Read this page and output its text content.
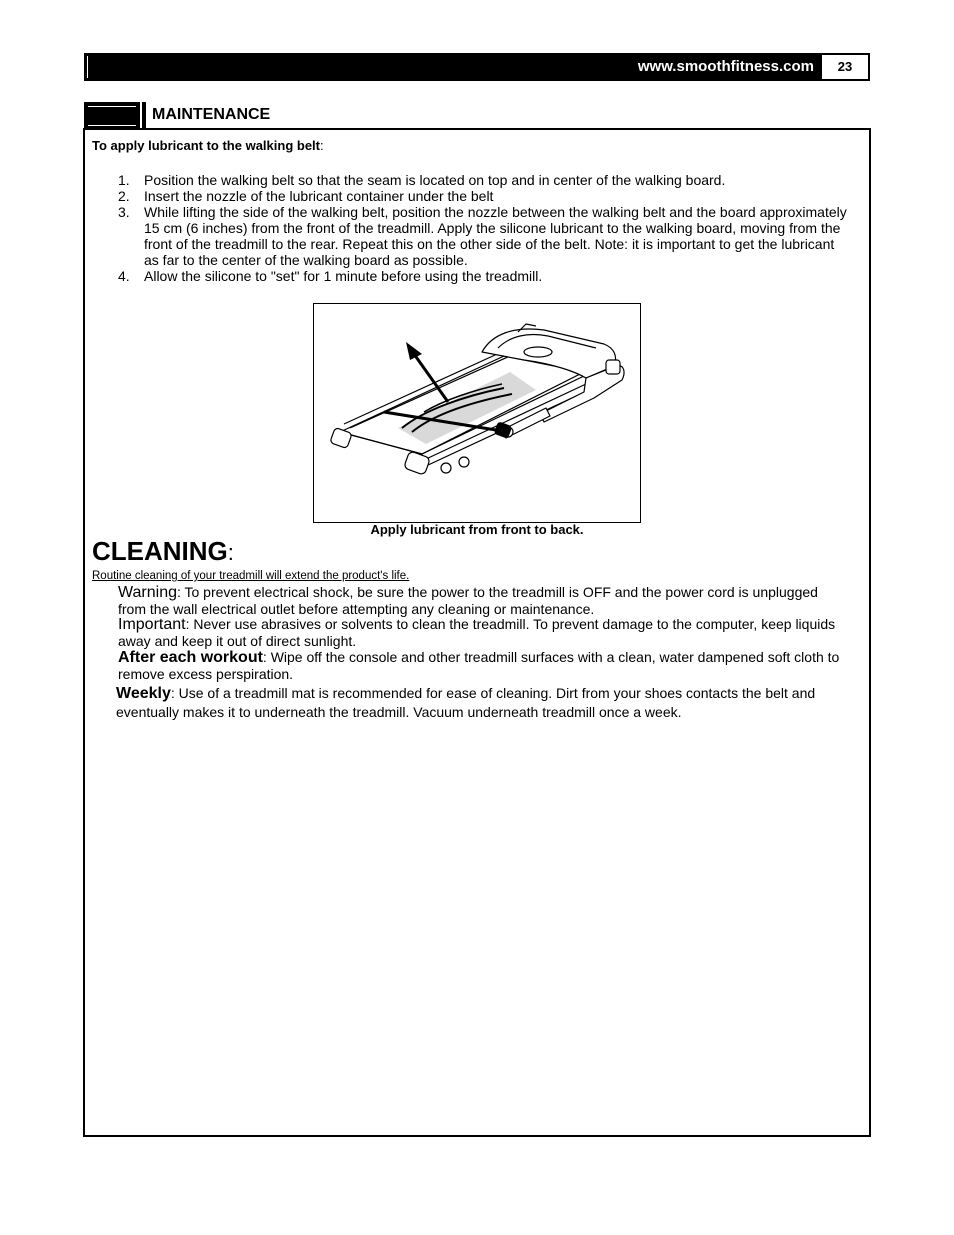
www.smoothfitness.com	23
MAINTENANCE
To apply lubricant to the walking belt:
1. Position the walking belt so that the seam is located on top and in center of the walking board.
2. Insert the nozzle of the lubricant container under the belt
3. While lifting the side of the walking belt, position the nozzle between the walking belt and the board approximately 15 cm (6 inches) from the front of the treadmill. Apply the silicone lubricant to the walking board, moving from the front of the treadmill to the rear. Repeat this on the other side of the belt. Note: it is important to get the lubricant as far to the center of the walking board as possible.
4. Allow the silicone to "set" for 1 minute before using the treadmill.
Apply lubricant from front to back.
CLEANING:
Routine cleaning of your treadmill will extend the product's life.
Warning: To prevent electrical shock, be sure the power to the treadmill is OFF and the power cord is unplugged from the wall electrical outlet before attempting any cleaning or maintenance.
Important: Never use abrasives or solvents to clean the treadmill. To prevent damage to the computer, keep liquids away and keep it out of direct sunlight.
After each workout: Wipe off the console and other treadmill surfaces with a clean, water dampened soft cloth to remove excess perspiration.
Weekly: Use of a treadmill mat is recommended for ease of cleaning. Dirt from your shoes contacts the belt and eventually makes it to underneath the treadmill. Vacuum underneath treadmill once a week.
